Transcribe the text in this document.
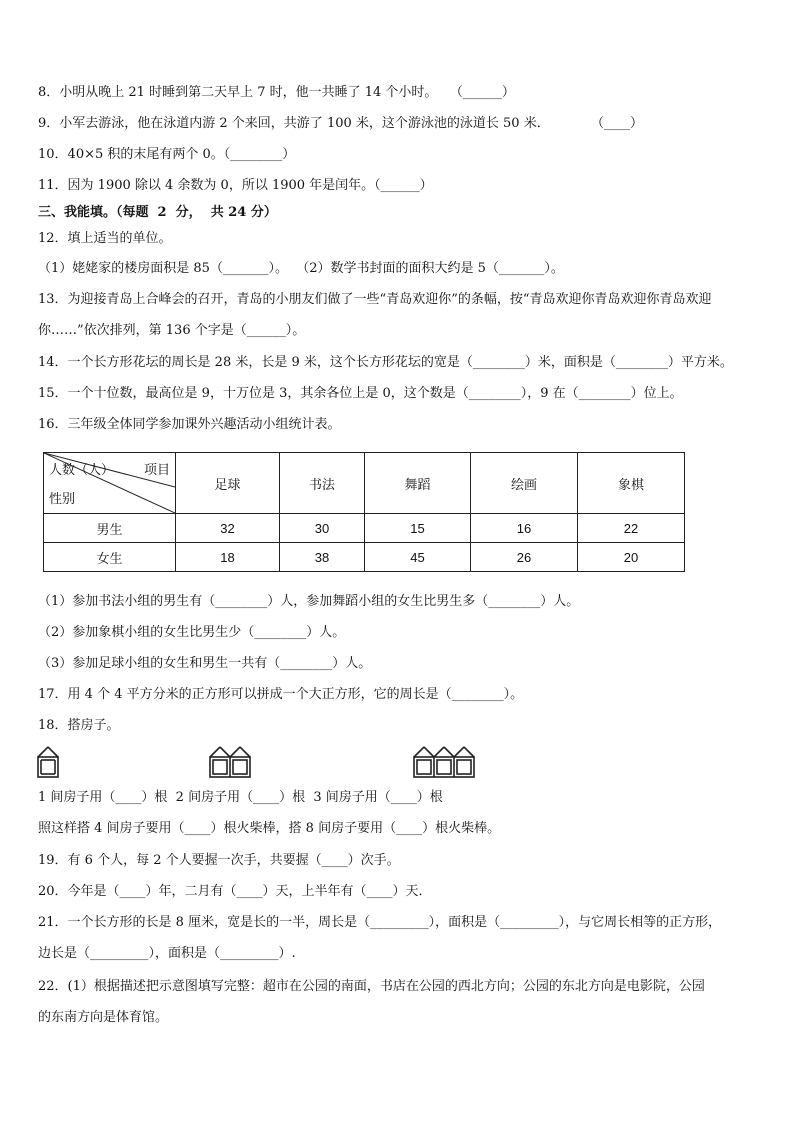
8．小明从晚上 21 时睡到第二天早上 7 时，他一共睡了 14 个小时。   （______）
9．小军去游泳，他在泳道内游 2 个来回，共游了 100 米，这个游泳池的泳道长 50 米．          （____）
10．40×5 积的末尾有两个 0。（________）
11．因为 1900 除以 4 余数为 0，所以 1900 年是闰年。（______）
三、我能填。（每题  2  分，  共 24 分）
12．填上适当的单位。
（1）姥姥家的楼房面积是 85（_______）。  （2）数学书封面的面积大约是 5（_______）。
13．为迎接青岛上合峰会的召开，青岛的小朋友们做了一些“青岛欢迎你”的条幅，按“青岛欢迎你青岛欢迎你青岛欢迎
你……”依次排列，第 136 个字是（______）。
14．一个长方形花坛的周长是 28 米，长是 9 米，这个长方形花坛的宽是（________）米，面积是（________）平方米。
15．一个十位数，最高位是 9，十万位是 3，其余各位上是 0，这个数是（________），9 在（________）位上。
16．三年级全体同学参加课外兴趣活动小组统计表。
人数（人） 项目
性别	足球	书法	舞蹈	绘画	象棋
男生	32	30	15	16	22
女生	18	38	45	26	20
（1）参加书法小组的男生有（________）人，参加舞蹈小组的女生比男生多（________）人。
（2）参加象棋小组的女生比男生少（________）人。
（3）参加足球小组的女生和男生一共有（________）人。
17．用 4 个 4 平方分米的正方形可以拼成一个大正方形，它的周长是（________）。
18．搭房子。
1 间房子用（____）根  2 间房子用（____）根  3 间房子用（____）根
照这样搭 4 间房子要用（____）根火柴棒，搭 8 间房子要用（____）根火柴棒。
19．有 6 个人，每 2 个人要握一次手，共要握（____）次手。
20．今年是（____）年，二月有（____）天，上半年有（____）天．
21．一个长方形的长是 8 厘米，宽是长的一半，周长是（_________），面积是（_________），与它周长相等的正方形，
边长是（_________），面积是（_________）.
22．(1）根据描述把示意图填写完整：超市在公园的南面，书店在公园的西北方向；公园的东北方向是电影院，公园
的东南方向是体育馆。
